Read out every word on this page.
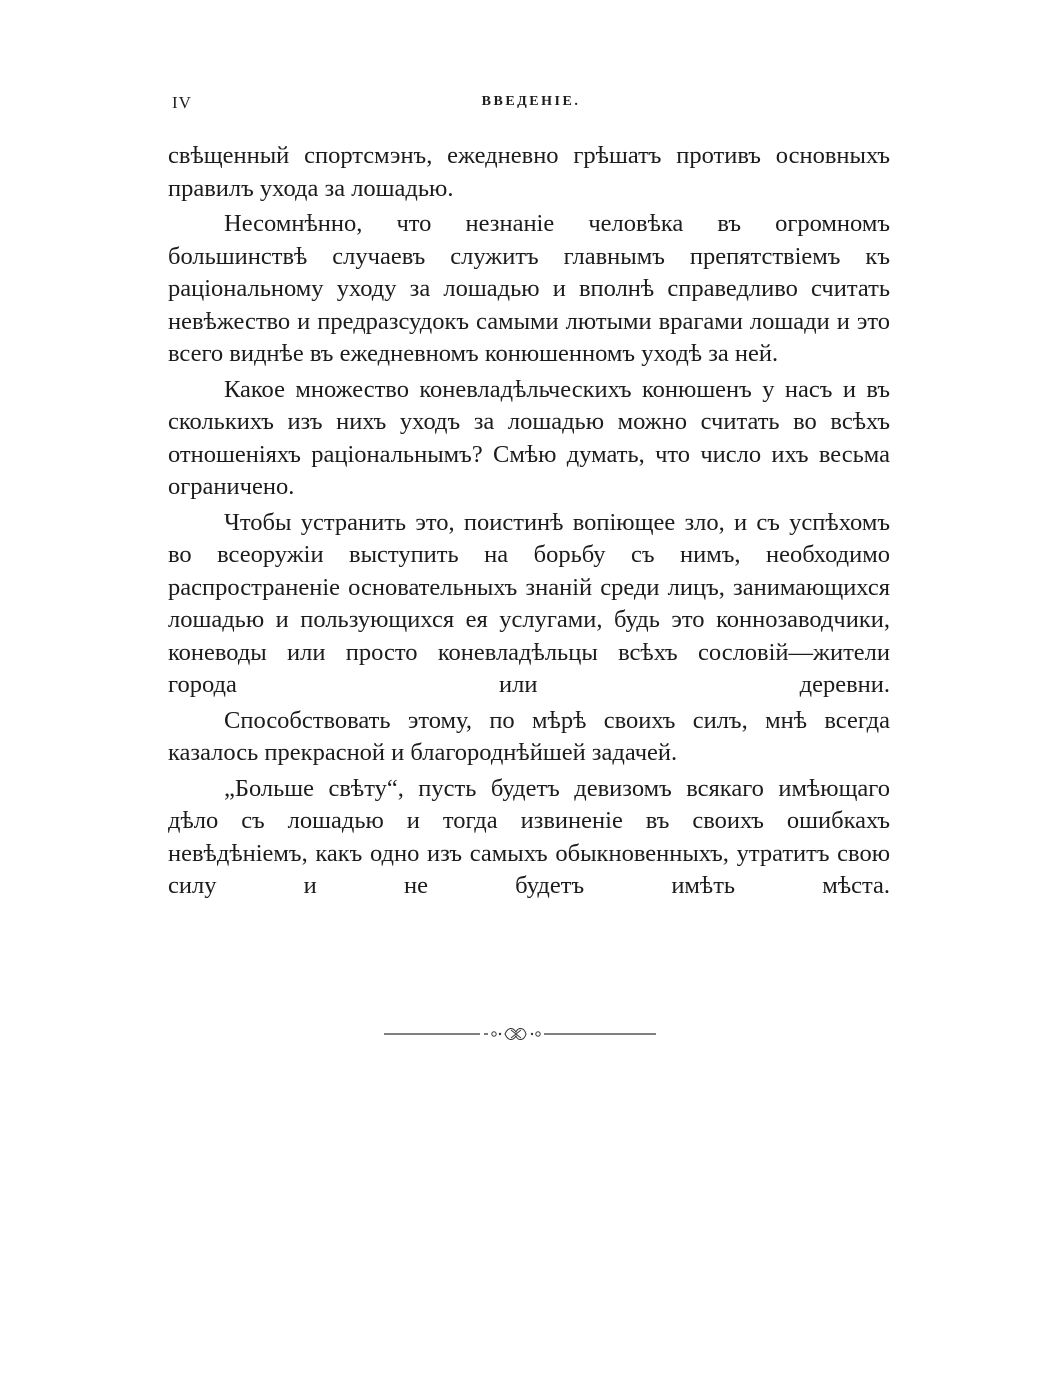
IV	ВВЕДЕНІЕ.

свѣщенный спортсмэнъ, ежедневно грѣшатъ противъ основныхъ правилъ ухода за лошадью.

Несомнѣнно, что незнаніе человѣка въ огромномъ большинствѣ случаевъ служитъ главнымъ препятствіемъ къ раціональному уходу за лошадью и вполнѣ справедливо считать невѣжество и предразсудокъ самыми лютыми врагами лошади и это всего виднѣе въ ежедневномъ конюшенномъ уходѣ за ней.

Какое множество коневладѣльческихъ конюшенъ у насъ и въ сколькихъ изъ нихъ уходъ за лошадью можно считать во всѣхъ отношеніяхъ раціональнымъ? Смѣю думать, что число ихъ весьма ограничено.

Чтобы устранить это, поистинѣ вопіющее зло, и съ успѣхомъ во всеоружіи выступить на борьбу съ нимъ, необходимо распространеніе основательныхъ знаній среди лицъ, занимающихся лошадью и пользующихся ея услугами, будь это коннозаводчики, коневоды или просто коневладѣльцы всѣхъ сословій—жители города или деревни.

Способствовать этому, по мѣрѣ своихъ силъ, мнѣ всегда казалось прекрасной и благороднѣйшей задачей.

„Больше свѣту“, пусть будетъ девизомъ всякаго имѣющаго дѣло съ лошадью и тогда извиненіе въ своихъ ошибкахъ невѣдѣніемъ, какъ одно изъ самыхъ обыкновенныхъ, утратитъ свою силу и не будетъ имѣть мѣста.
